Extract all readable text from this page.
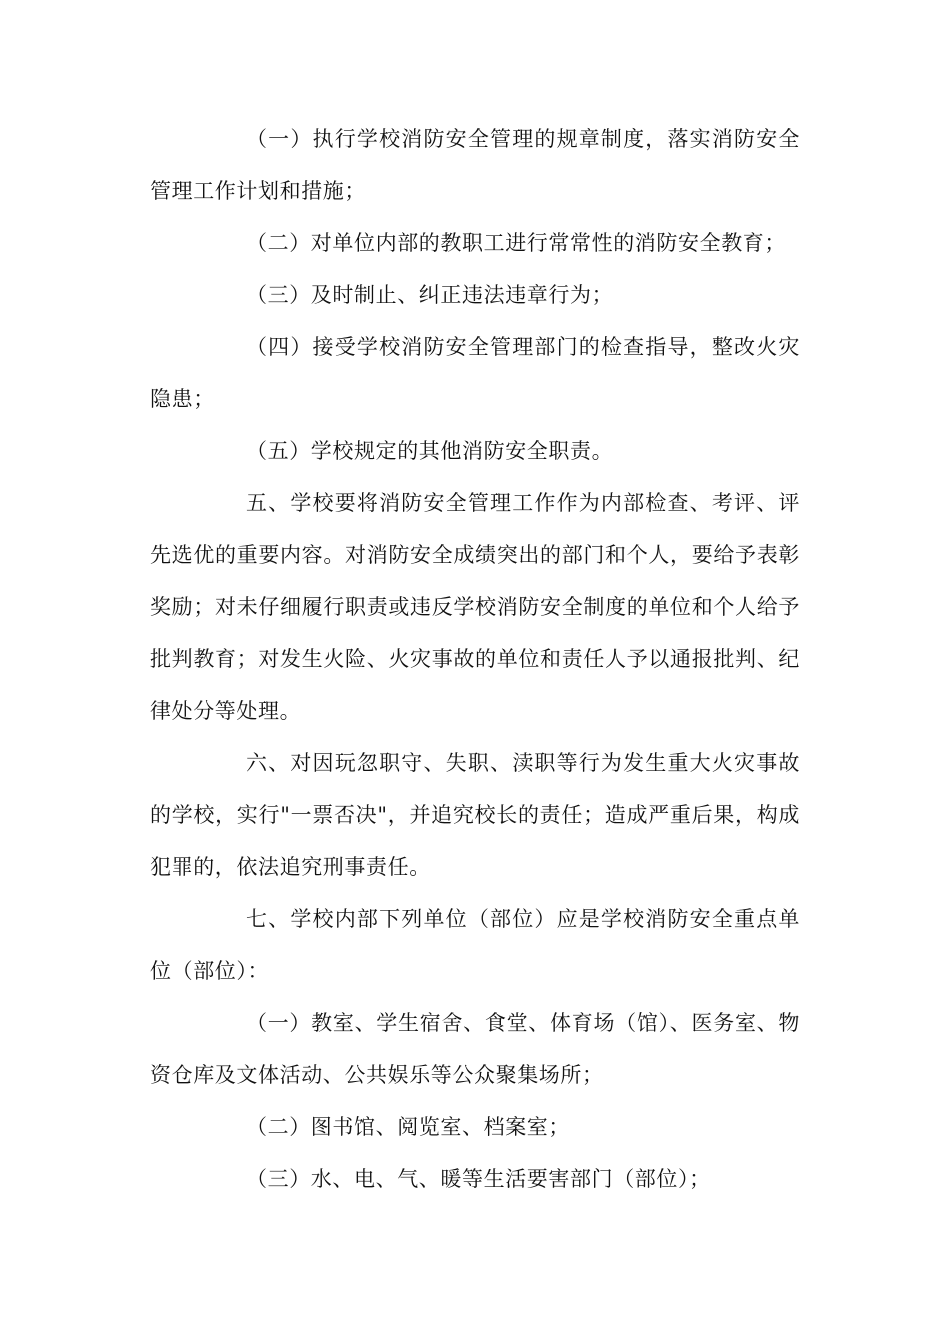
（一）执行学校消防安全管理的规章制度，落实消防安全管理工作计划和措施；

（二）对单位内部的教职工进行常常性的消防安全教育；

（三）及时制止、纠正违法违章行为；

（四）接受学校消防安全管理部门的检查指导，整改火灾隐患；

（五）学校规定的其他消防安全职责。

五、学校要将消防安全管理工作作为内部检查、考评、评先选优的重要内容。对消防安全成绩突出的部门和个人，要给予表彰奖励；对未仔细履行职责或违反学校消防安全制度的单位和个人给予批判教育；对发生火险、火灾事故的单位和责任人予以通报批判、纪律处分等处理。

六、对因玩忽职守、失职、渎职等行为发生重大火灾事故的学校，实行"一票否决"，并追究校长的责任；造成严重后果，构成犯罪的，依法追究刑事责任。

七、学校内部下列单位（部位）应是学校消防安全重点单位（部位）：

（一）教室、学生宿舍、食堂、体育场（馆）、医务室、物资仓库及文体活动、公共娱乐等公众聚集场所；

（二）图书馆、阅览室、档案室；

（三）水、电、气、暖等生活要害部门（部位）；
